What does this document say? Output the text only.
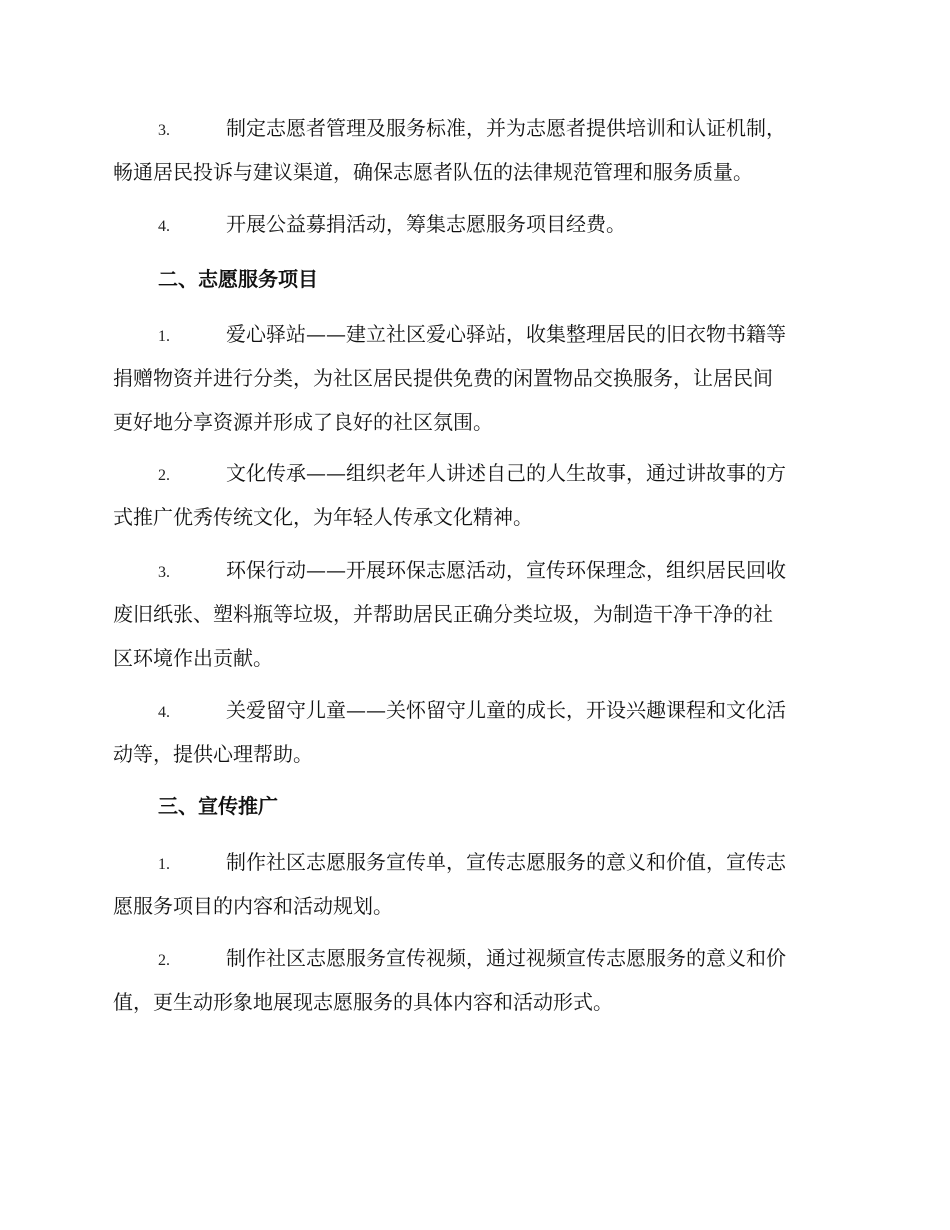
3.	制定志愿者管理及服务标准，并为志愿者提供培训和认证机制，
畅通居民投诉与建议渠道，确保志愿者队伍的法律规范管理和服务质量。
4.	开展公益募捐活动，筹集志愿服务项目经费。
二、志愿服务项目
1.	爱心驿站——建立社区爱心驿站，收集整理居民的旧衣物书籍等
捐赠物资并进行分类，为社区居民提供免费的闲置物品交换服务，让居民间
更好地分享资源并形成了良好的社区氛围。
2.	文化传承——组织老年人讲述自己的人生故事，通过讲故事的方
式推广优秀传统文化，为年轻人传承文化精神。
3.	环保行动——开展环保志愿活动，宣传环保理念，组织居民回收
废旧纸张、塑料瓶等垃圾，并帮助居民正确分类垃圾，为制造干净干净的社
区环境作出贡献。
4.	关爱留守儿童——关怀留守儿童的成长，开设兴趣课程和文化活
动等，提供心理帮助。
三、宣传推广
1.	制作社区志愿服务宣传单，宣传志愿服务的意义和价值，宣传志
愿服务项目的内容和活动规划。
2.	制作社区志愿服务宣传视频，通过视频宣传志愿服务的意义和价
值，更生动形象地展现志愿服务的具体内容和活动形式。
